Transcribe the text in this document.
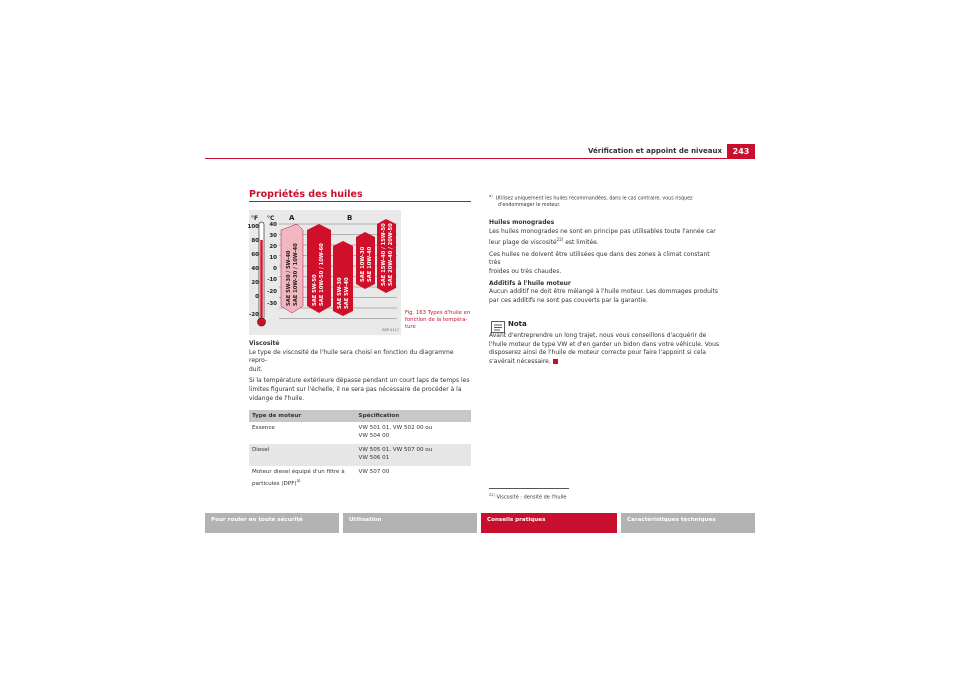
Vérification et appoint de niveaux	243
Propriétés des huiles
°F °C A	B
100
80
60
40
20
0
-20
40
30
20
10
0
-10
-20
-30 SAE 5W-30 / 5W-40 SAE 10W-30 / 10W-40	SAE 5W-50 SAE 10W-50 / 10W-60 SAE 5W-30 SAE 5W-40
SAE 10W-30 SAE 10W-40 SAE 15W-40 / 15W-50 SAE 20W-40 / 20W-50
BSP-0117
Fig. 163 Types d'huile en fonction de la tempéra-ture
Viscosité
Le type de viscosité de l'huile sera choisi en fonction du diagramme repro-
duit.
Si la température extérieure dépasse pendant un court laps de temps les
limites figurant sur l'échelle, il ne sera pas nécessaire de procéder à la
vidange de l'huile.
Type de moteur	Spécification
Essence	VW 501 01, VW 502 00 ou
VW 504 00

Diesel	VW 505 01, VW 507 00 ou
VW 506 01

Moteur diesel équipé d'un filtre à
particules (DPF)$^{a)}$	VW 507 00
$^{a)}$  Utilisez uniquement les huiles recommandées, dans le cas contraire, vous risquez
d'endommager le moteur.
Huiles monogrades
Les huiles monogrades ne sont en principe pas utilisables toute l'année car
leur plage de viscosité$^{22)}$ est limitée.
Ces huiles ne doivent être utilisées que dans des zones à climat constant très
froides ou très chaudes.
Additifs à l'huile moteur
Aucun additif ne doit être mélangé à l'huile moteur. Les dommages produits
par ces additifs ne sont pas couverts par la garantie.
Nota
Avant d'entreprendre un long trajet, nous vous conseillons d'acquérir de
l'huile moteur de type VW et d'en garder un bidon dans votre véhicule. Vous
disposerez ainsi de l'huile de moteur correcte pour faire l'appoint si cela
s'avérait nécessaire.
$^{22)}$ Viscosité : densité de l'huile
Pour rouler en toute sécurité	Utilisation	Conseils pratiques	Caractéristiques techniques
